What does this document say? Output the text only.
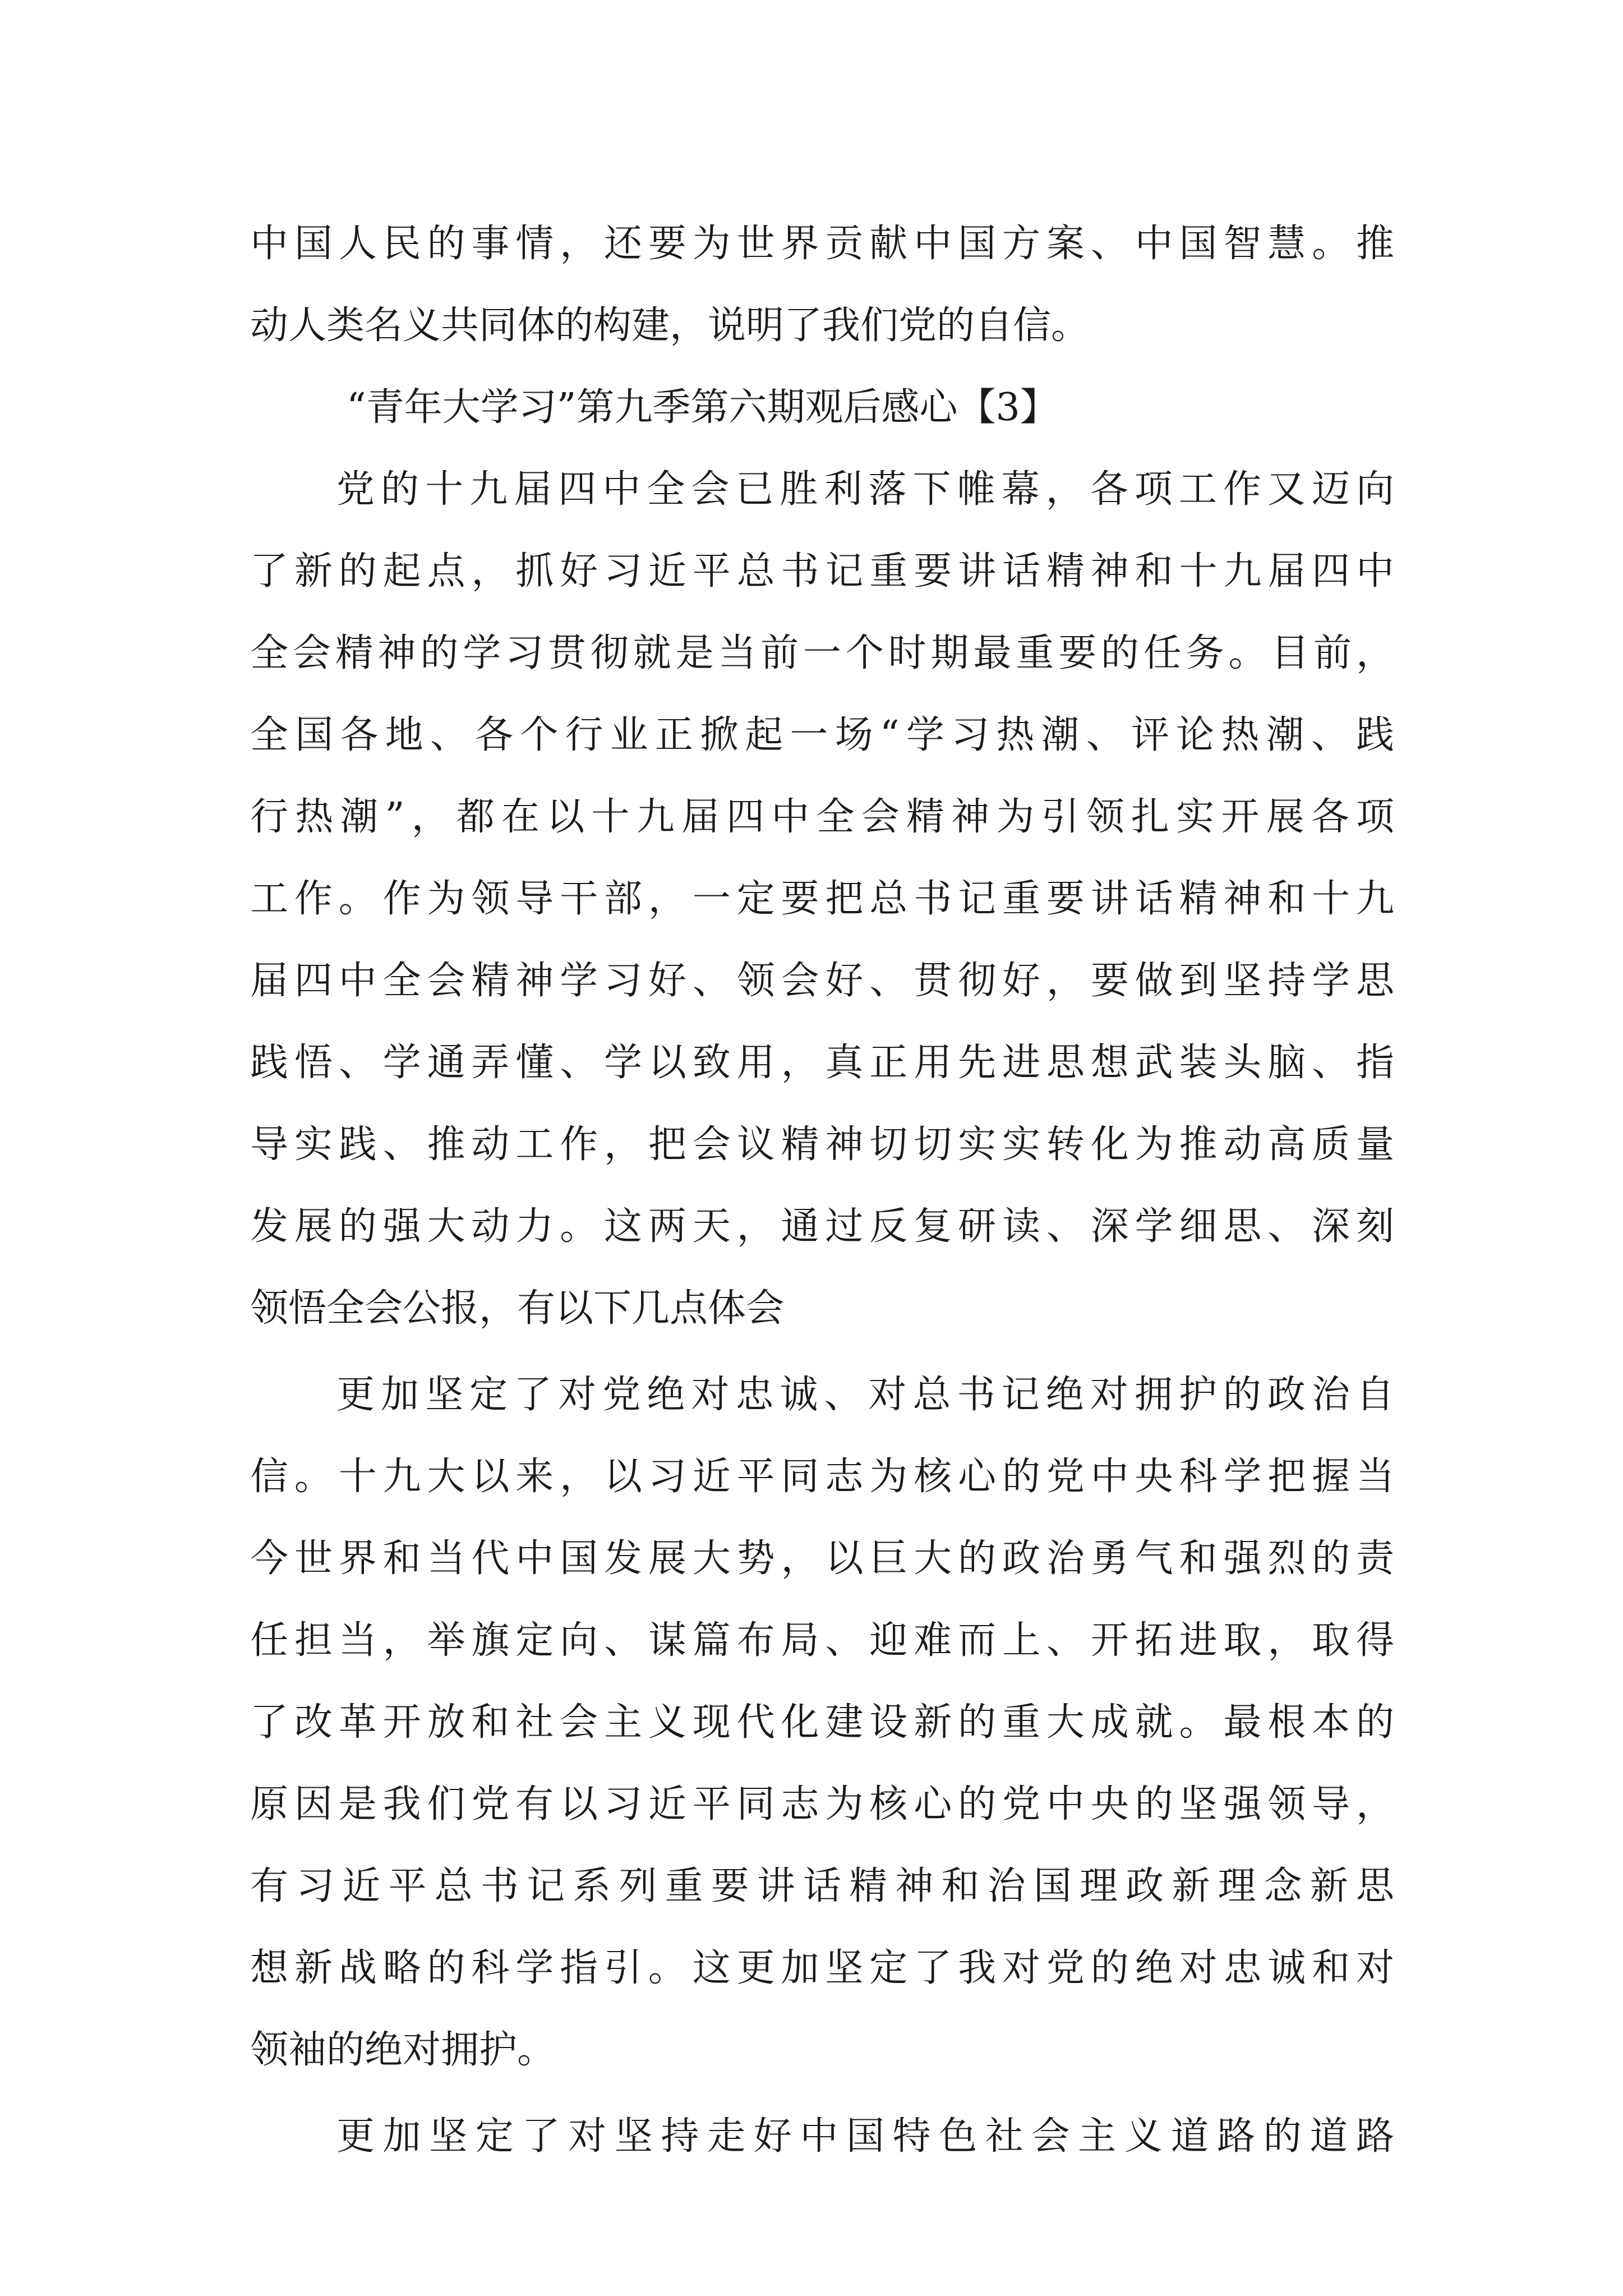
中国人民的事情，还要为世界贡献中国方案、中国智慧。推
动人类名义共同体的构建，说明了我们党的自信。
“青年大学习”第九季第六期观后感心【3】
党的十九届四中全会已胜利落下帷幕，各项工作又迈向
了新的起点，抓好习近平总书记重要讲话精神和十九届四中
全会精神的学习贯彻就是当前一个时期最重要的任务。目前，
全国各地、各个行业正掀起一场“学习热潮、评论热潮、践
行热潮”，都在以十九届四中全会精神为引领扎实开展各项
工作。作为领导干部，一定要把总书记重要讲话精神和十九
届四中全会精神学习好、领会好、贯彻好，要做到坚持学思
践悟、学通弄懂、学以致用，真正用先进思想武装头脑、指
导实践、推动工作，把会议精神切切实实转化为推动高质量
发展的强大动力。这两天，通过反复研读、深学细思、深刻
领悟全会公报，有以下几点体会
更加坚定了对党绝对忠诚、对总书记绝对拥护的政治自
信。十九大以来，以习近平同志为核心的党中央科学把握当
今世界和当代中国发展大势，以巨大的政治勇气和强烈的责
任担当，举旗定向、谋篇布局、迎难而上、开拓进取，取得
了改革开放和社会主义现代化建设新的重大成就。最根本的
原因是我们党有以习近平同志为核心的党中央的坚强领导，
有习近平总书记系列重要讲话精神和治国理政新理念新思
想新战略的科学指引。这更加坚定了我对党的绝对忠诚和对
领袖的绝对拥护。
更加坚定了对坚持走好中国特色社会主义道路的道路
